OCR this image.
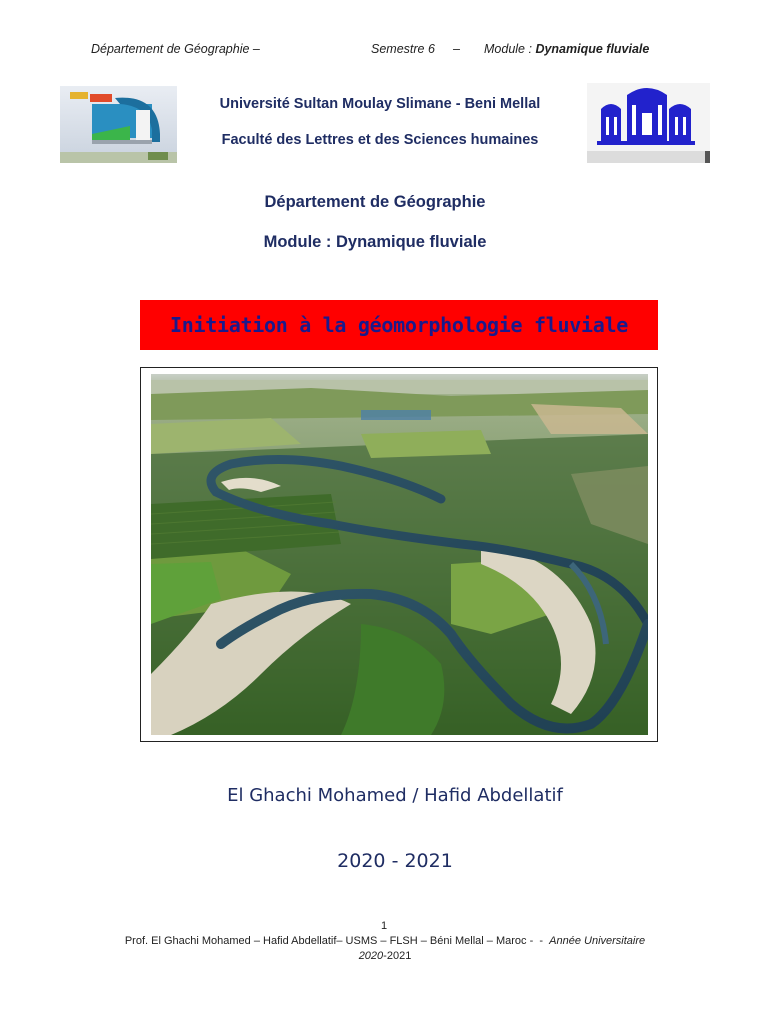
Département de Géographie –	Semestre 6 – Module : Dynamique fluviale
Université Sultan Moulay Slimane - Beni Mellal
Faculté des Lettres et des Sciences humaines
Département de Géographie
Module : Dynamique fluviale
Initiation à la géomorphologie fluviale
El Ghachi Mohamed / Hafid Abdellatif
2020 - 2021
1
Prof. El Ghachi Mohamed – Hafid Abdellatif– USMS – FLSH – Béni Mellal – Maroc - - Année Universitaire
2020-2021
